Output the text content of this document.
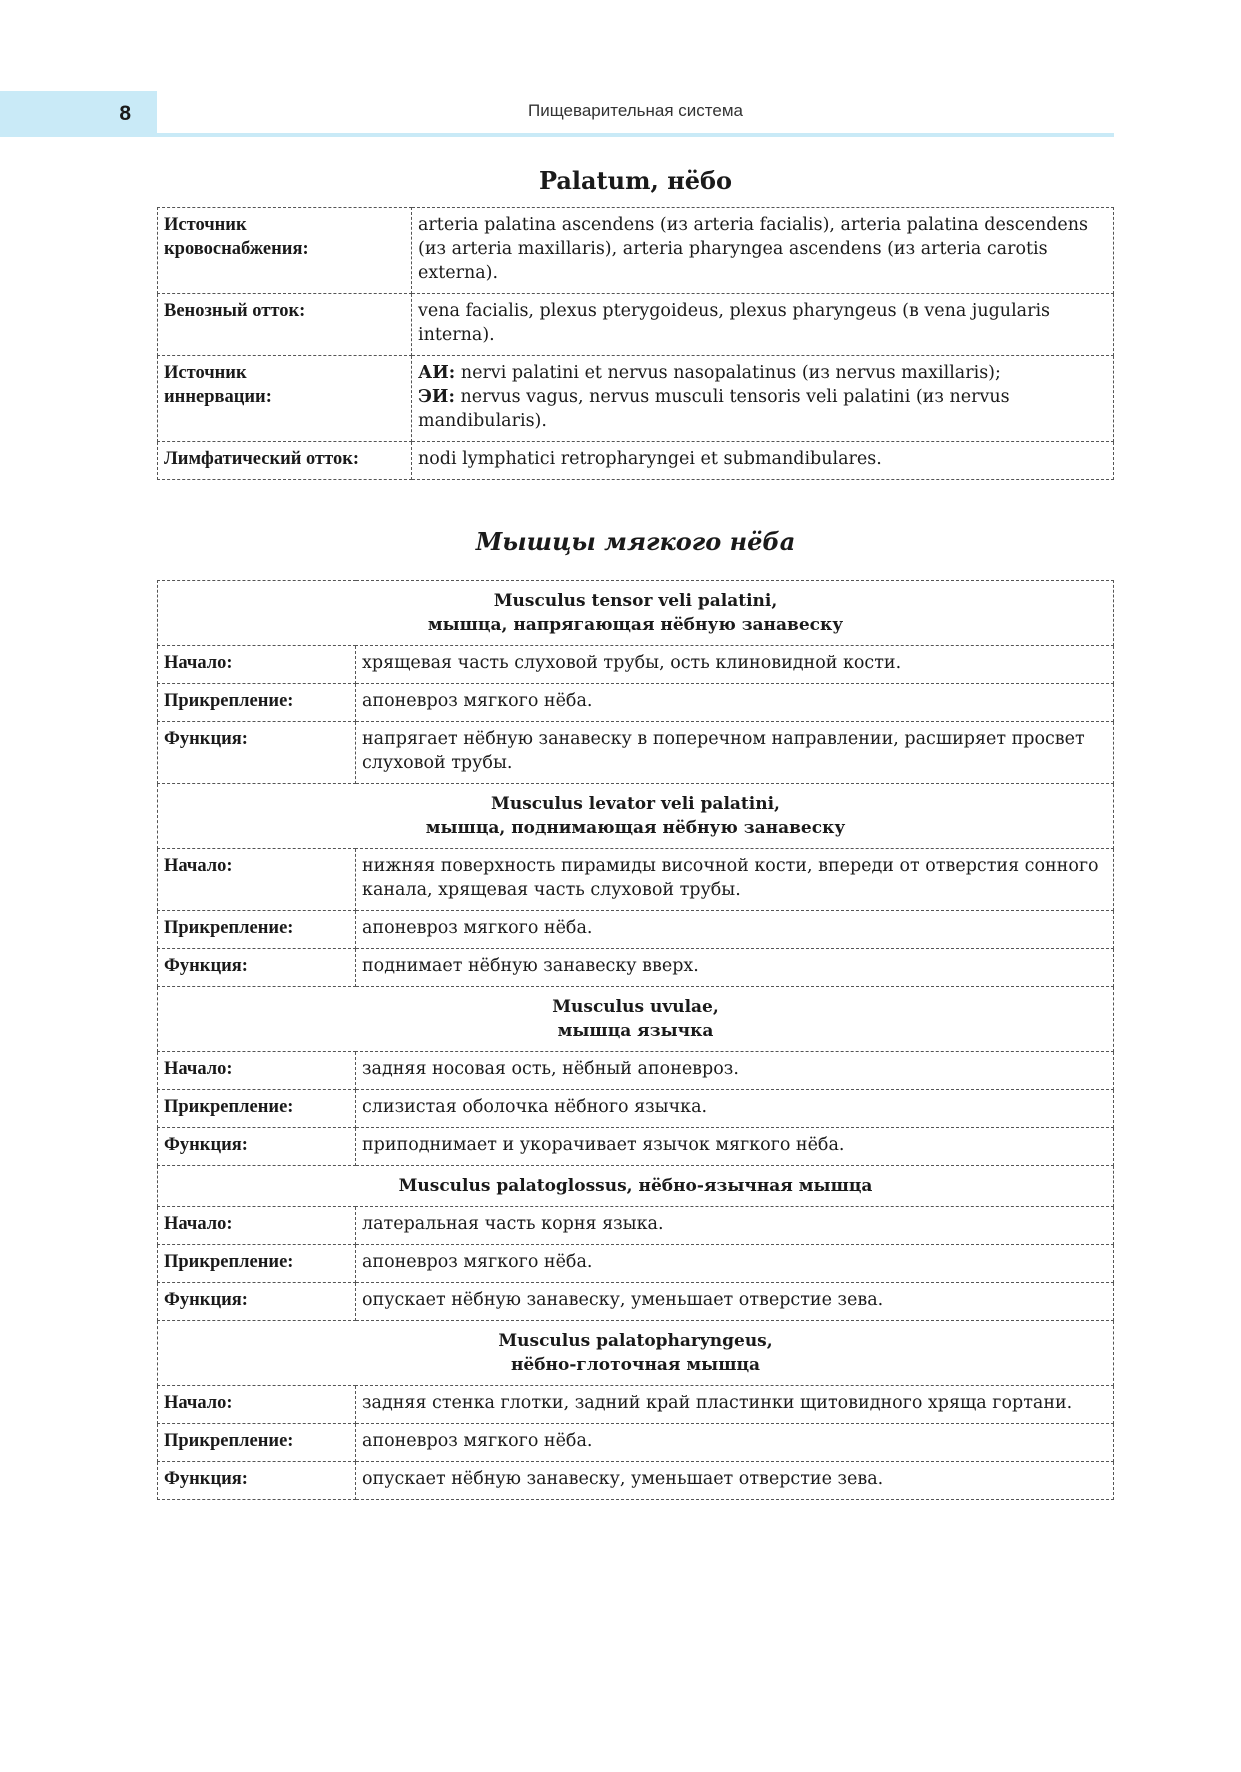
8	Пищеварительная система
Palatum, нёбо
Источник
кровоснабжения:	arteria palatina ascendens (из arteria facialis), arteria palatina descendens (из arteria maxillaris), arteria pharyngea ascendens (из arteria carotis externa).
Венозный отток:	vena facialis, plexus pterygoideus, plexus pharyngeus (в vena jugularis interna).
Источник
иннервации:	АИ: nervi palatini et nervus nasopalatinus (из nervus maxillaris);
ЭИ: nervus vagus, nervus musculi tensoris veli palatini (из nervus mandibularis).
Лимфатический отток:	nodi lymphatici retropharyngei et submandibulares.
Мышцы мягкого нёба
Musculus tensor veli palatini,
мышца, напрягающая нёбную занавеску	
Начало:	хрящевая часть слуховой трубы, ость клиновидной кости.
Прикрепление:	апоневроз мягкого нёба.
Функция:	напрягает нёбную занавеску в поперечном направлении, расширяет просвет слуховой трубы.
Musculus levator veli palatini,
мышца, поднимающая нёбную занавеску	
Начало:	нижняя поверхность пирамиды височной кости, впереди от отверстия сонного канала, хрящевая часть слуховой трубы.
Прикрепление:	апоневроз мягкого нёба.
Функция:	поднимает нёбную занавеску вверх.
Musculus uvulae,
мышца язычка	
Начало:	задняя носовая ость, нёбный апоневроз.
Прикрепление:	слизистая оболочка нёбного язычка.
Функция:	приподнимает и укорачивает язычок мягкого нёба.
Musculus palatoglossus, нёбно-язычная мышца	
Начало:	латеральная часть корня языка.
Прикрепление:	апоневроз мягкого нёба.
Функция:	опускает нёбную занавеску, уменьшает отверстие зева.
Musculus palatopharyngeus,
нёбно-глоточная мышца	
Начало:	задняя стенка глотки, задний край пластинки щитовидного хряща гортани.
Прикрепление:	апоневроз мягкого нёба.
Функция:	опускает нёбную занавеску, уменьшает отверстие зева.
